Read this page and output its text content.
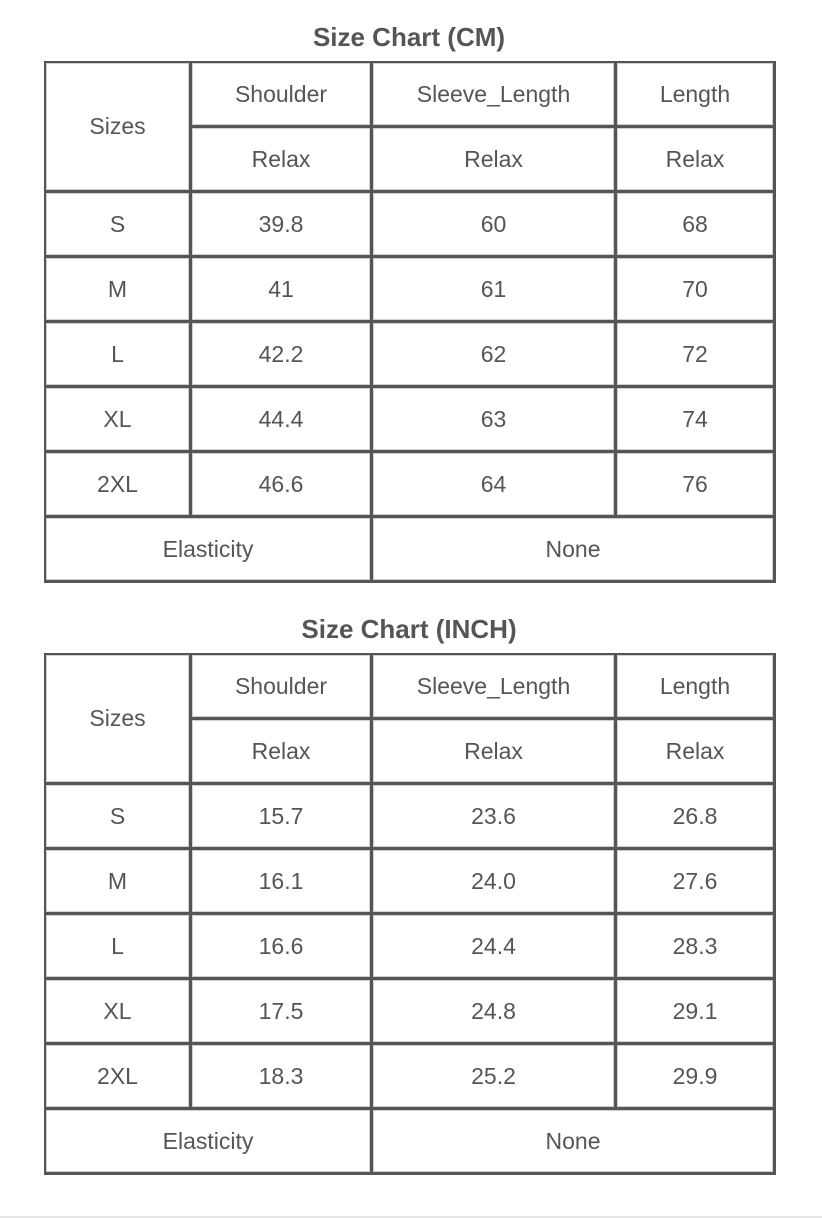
Size Chart (CM)
Sizes	Shoulder	Sleeve_Length	Length
	Relax	Relax	Relax
S	39.8	60	68
M	41	61	70
L	42.2	62	72
XL	44.4	63	74
2XL	46.6	64	76
Elasticity		None	
Size Chart (INCH)
Sizes	Shoulder	Sleeve_Length	Length
	Relax	Relax	Relax
S	15.7	23.6	26.8
M	16.1	24.0	27.6
L	16.6	24.4	28.3
XL	17.5	24.8	29.1
2XL	18.3	25.2	29.9
Elasticity		None	
